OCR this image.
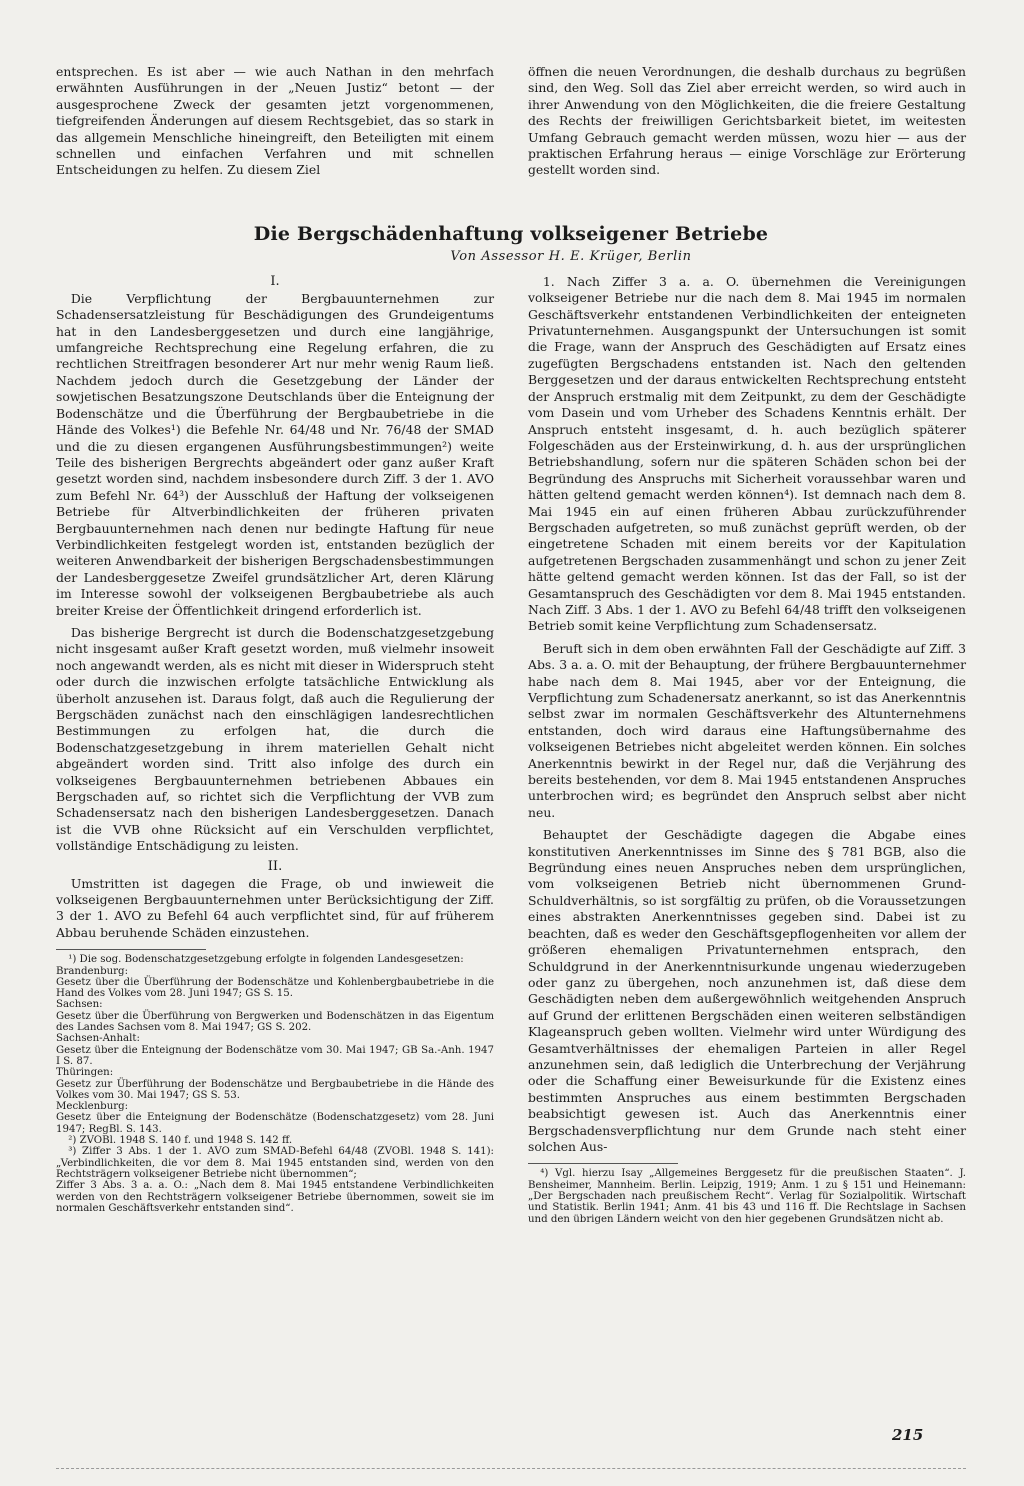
entsprechen. Es ist aber — wie auch Nathan in den mehrfach erwähnten Ausführungen in der „Neuen Justiz“ betont — der ausgesprochene Zweck der gesamten jetzt vorgenommenen, tiefgreifenden Änderungen auf diesem Rechtsgebiet, das so stark in das allgemein Menschliche hineingreift, den Beteiligten mit einem schnellen und einfachen Verfahren und mit schnellen Entscheidungen zu helfen. Zu diesem Ziel

öffnen die neuen Verordnungen, die deshalb durchaus zu begrüßen sind, den Weg. Soll das Ziel aber erreicht werden, so wird auch in ihrer Anwendung von den Möglichkeiten, die die freiere Gestaltung des Rechts der freiwilligen Gerichtsbarkeit bietet, im weitesten Umfang Gebrauch gemacht werden müssen, wozu hier — aus der praktischen Erfahrung heraus — einige Vorschläge zur Erörterung gestellt worden sind.

Die Bergschädenhaftung volkseigener Betriebe
Von Assessor H. E. Krüger, Berlin
I.

Die Verpflichtung der Bergbauunternehmen zur Schadensersatzleistung für Beschädigungen des Grundeigentums hat in den Landesberggesetzen und durch eine langjährige, umfangreiche Rechtsprechung eine Regelung erfahren, die zu rechtlichen Streitfragen besonderer Art nur mehr wenig Raum ließ. Nachdem jedoch durch die Gesetzgebung der Länder der sowjetischen Besatzungszone Deutschlands über die Enteignung der Bodenschätze und die Überführung der Bergbaubetriebe in die Hände des Volkes¹) die Befehle Nr. 64/48 und Nr. 76/48 der SMAD und die zu diesen ergangenen Ausführungsbestimmungen²) weite Teile des bisherigen Bergrechts abgeändert oder ganz außer Kraft gesetzt worden sind, nachdem insbesondere durch Ziff. 3 der 1. AVO zum Befehl Nr. 64³) der Ausschluß der Haftung der volkseigenen Betriebe für Altverbindlichkeiten der früheren privaten Bergbauunternehmen nach denen nur bedingte Haftung für neue Verbindlichkeiten festgelegt worden ist, entstanden bezüglich der weiteren Anwendbarkeit der bisherigen Bergschadensbestimmungen der Landesberggesetze Zweifel grundsätzlicher Art, deren Klärung im Interesse sowohl der volkseigenen Bergbaubetriebe als auch breiter Kreise der Öffentlichkeit dringend erforderlich ist.

Das bisherige Bergrecht ist durch die Bodenschatzgesetzgebung nicht insgesamt außer Kraft gesetzt worden, muß vielmehr insoweit noch angewandt werden, als es nicht mit dieser in Widerspruch steht oder durch die inzwischen erfolgte tatsächliche Entwicklung als überholt anzusehen ist. Daraus folgt, daß auch die Regulierung der Bergschäden zunächst nach den einschlägigen landesrechtlichen Bestimmungen zu erfolgen hat, die durch die Bodenschatzgesetzgebung in ihrem materiellen Gehalt nicht abgeändert worden sind. Tritt also infolge des durch ein volkseigenes Bergbauunternehmen betriebenen Abbaues ein Bergschaden auf, so richtet sich die Verpflichtung der VVB zum Schadensersatz nach den bisherigen Landesberggesetzen. Danach ist die VVB ohne Rücksicht auf ein Verschulden verpflichtet, vollständige Entschädigung zu leisten.

II.

Umstritten ist dagegen die Frage, ob und inwieweit die volkseigenen Bergbauunternehmen unter Berücksichtigung der Ziff. 3 der 1. AVO zu Befehl 64 auch verpflichtet sind, für auf früherem Abbau beruhende Schäden einzustehen.

¹) Die sog. Bodenschatzgesetzgebung erfolgte in folgenden Landesgesetzen:

Brandenburg:

Gesetz über die Überführung der Bodenschätze und Kohlenbergbaubetriebe in die Hand des Volkes vom 28. Juni 1947; GS S. 15.

Sachsen:

Gesetz über die Überführung von Bergwerken und Bodenschätzen in das Eigentum des Landes Sachsen vom 8. Mai 1947; GS S. 202.

Sachsen-Anhalt:

Gesetz über die Enteignung der Bodenschätze vom 30. Mai 1947; GB Sa.-Anh. 1947 I S. 87.

Thüringen:

Gesetz zur Überführung der Bodenschätze und Bergbaubetriebe in die Hände des Volkes vom 30. Mai 1947; GS S. 53.

Mecklenburg:

Gesetz über die Enteignung der Bodenschätze (Bodenschatzgesetz) vom 28. Juni 1947; RegBl. S. 143.

²) ZVOBl. 1948 S. 140 f. und 1948 S. 142 ff.

³) Ziffer 3 Abs. 1 der 1. AVO zum SMAD-Befehl 64/48 (ZVOBl. 1948 S. 141): „Verbindlichkeiten, die vor dem 8. Mai 1945 entstanden sind, werden von den Rechtsträgern volkseigener Betriebe nicht übernommen“;

Ziffer 3 Abs. 3 a. a. O.: „Nach dem 8. Mai 1945 entstandene Verbindlichkeiten werden von den Rechtsträgern volkseigener Betriebe übernommen, soweit sie im normalen Geschäftsverkehr entstanden sind“.

1. Nach Ziffer 3 a. a. O. übernehmen die Vereinigungen volkseigener Betriebe nur die nach dem 8. Mai 1945 im normalen Geschäftsverkehr entstandenen Verbindlichkeiten der enteigneten Privatunternehmen. Ausgangspunkt der Untersuchungen ist somit die Frage, wann der Anspruch des Geschädigten auf Ersatz eines zugefügten Bergschadens entstanden ist. Nach den geltenden Berggesetzen und der daraus entwickelten Rechtsprechung entsteht der Anspruch erstmalig mit dem Zeitpunkt, zu dem der Geschädigte vom Dasein und vom Urheber des Schadens Kenntnis erhält. Der Anspruch entsteht insgesamt, d. h. auch bezüglich späterer Folgeschäden aus der Ersteinwirkung, d. h. aus der ursprünglichen Betriebshandlung, sofern nur die späteren Schäden schon bei der Begründung des Anspruchs mit Sicherheit voraussehbar waren und hätten geltend gemacht werden können⁴). Ist demnach nach dem 8. Mai 1945 ein auf einen früheren Abbau zurückzuführender Bergschaden aufgetreten, so muß zunächst geprüft werden, ob der eingetretene Schaden mit einem bereits vor der Kapitulation aufgetretenen Bergschaden zusammenhängt und schon zu jener Zeit hätte geltend gemacht werden können. Ist das der Fall, so ist der Gesamtanspruch des Geschädigten vor dem 8. Mai 1945 entstanden. Nach Ziff. 3 Abs. 1 der 1. AVO zu Befehl 64/48 trifft den volkseigenen Betrieb somit keine Verpflichtung zum Schadensersatz.

Beruft sich in dem oben erwähnten Fall der Geschädigte auf Ziff. 3 Abs. 3 a. a. O. mit der Behauptung, der frühere Bergbauunternehmer habe nach dem 8. Mai 1945, aber vor der Enteignung, die Verpflichtung zum Schadenersatz anerkannt, so ist das Anerkenntnis selbst zwar im normalen Geschäftsverkehr des Altunternehmens entstanden, doch wird daraus eine Haftungsübernahme des volkseigenen Betriebes nicht abgeleitet werden können. Ein solches Anerkenntnis bewirkt in der Regel nur, daß die Verjährung des bereits bestehenden, vor dem 8. Mai 1945 entstandenen Anspruches unterbrochen wird; es begründet den Anspruch selbst aber nicht neu.

Behauptet der Geschädigte dagegen die Abgabe eines konstitutiven Anerkenntnisses im Sinne des § 781 BGB, also die Begründung eines neuen Anspruches neben dem ursprünglichen, vom volkseigenen Betrieb nicht übernommenen Grund-Schuldverhältnis, so ist sorgfältig zu prüfen, ob die Voraussetzungen eines abstrakten Anerkenntnisses gegeben sind. Dabei ist zu beachten, daß es weder den Geschäftsgepflogenheiten vor allem der größeren ehemaligen Privatunternehmen entsprach, den Schuldgrund in der Anerkenntnisurkunde ungenau wiederzugeben oder ganz zu übergehen, noch anzunehmen ist, daß diese dem Geschädigten neben dem außergewöhnlich weitgehenden Anspruch auf Grund der erlittenen Bergschäden einen weiteren selbständigen Klageanspruch geben wollten. Vielmehr wird unter Würdigung des Gesamtverhältnisses der ehemaligen Parteien in aller Regel anzunehmen sein, daß lediglich die Unterbrechung der Verjährung oder die Schaffung einer Beweisurkunde für die Existenz eines bestimmten Anspruches aus einem bestimmten Bergschaden beabsichtigt gewesen ist. Auch das Anerkenntnis einer Bergschadensverpflichtung nur dem Grunde nach steht einer solchen Aus-

⁴) Vgl. hierzu Isay „Allgemeines Berggesetz für die preußischen Staaten“. J. Bensheimer, Mannheim. Berlin. Leipzig, 1919; Anm. 1 zu § 151 und Heinemann: „Der Bergschaden nach preußischem Recht“. Verlag für Sozialpolitik. Wirtschaft und Statistik. Berlin 1941; Anm. 41 bis 43 und 116 ff. Die Rechtslage in Sachsen und den übrigen Ländern weicht von den hier gegebenen Grundsätzen nicht ab.

215
